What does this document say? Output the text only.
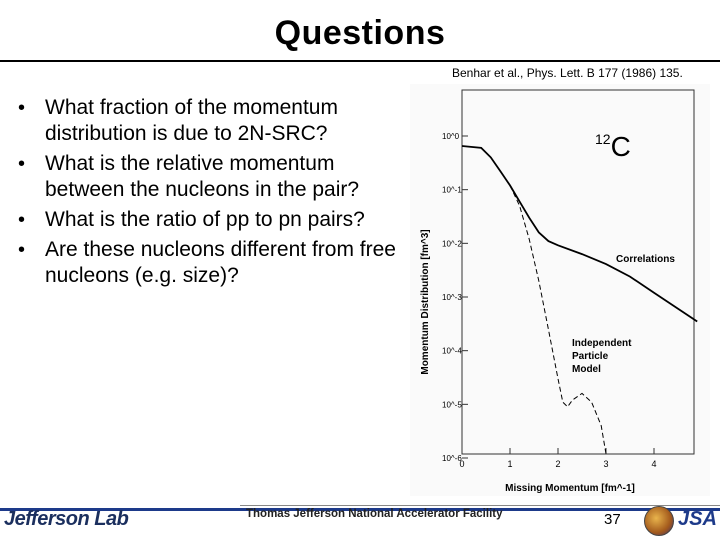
Questions
Benhar et al., Phys. Lett. B 177 (1986) 135.
• What fraction of the momentum distribution is due to 2N-SRC?
• What is the relative momentum between the nucleons in the pair?
• What is the ratio of pp to pn pairs?
• Are these nucleons different from free nucleons (e.g. size)?	Momentum Distribution [fm^3]
Missing Momentum [fm^-1]
12C
Correlations
Independent Particle Model
10^0
10^-1
10^-2
10^-3
10^-4
10^-5
10^-6
0	1	2	3	4
Jefferson Lab	Thomas Jefferson National Accelerator Facility	37	JSA
